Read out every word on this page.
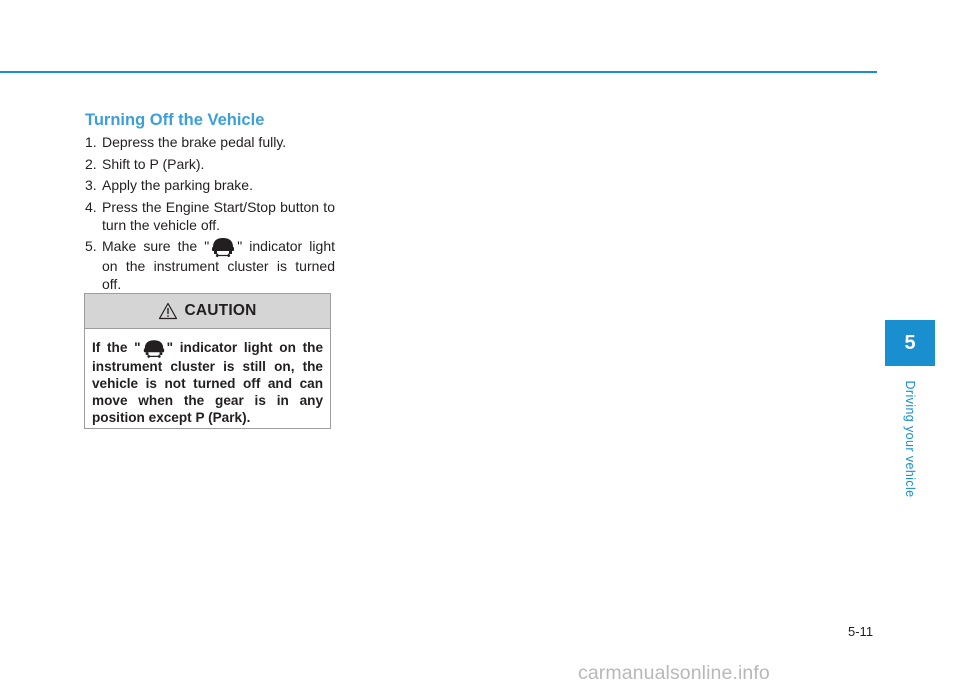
Turning Off the Vehicle
1. Depress the brake pedal fully.
2. Shift to P (Park).
3. Apply the parking brake.
4. Press the Engine Start/Stop button to turn the vehicle off.
5. Make sure the " " indicator light on the instrument cluster is turned off.
CAUTION
If the " " indicator light on the instrument cluster is still on, the vehicle is not turned off and can move when the gear is in any position except P (Park).
5
Driving your vehicle
5-11
carmanualsonline.info
